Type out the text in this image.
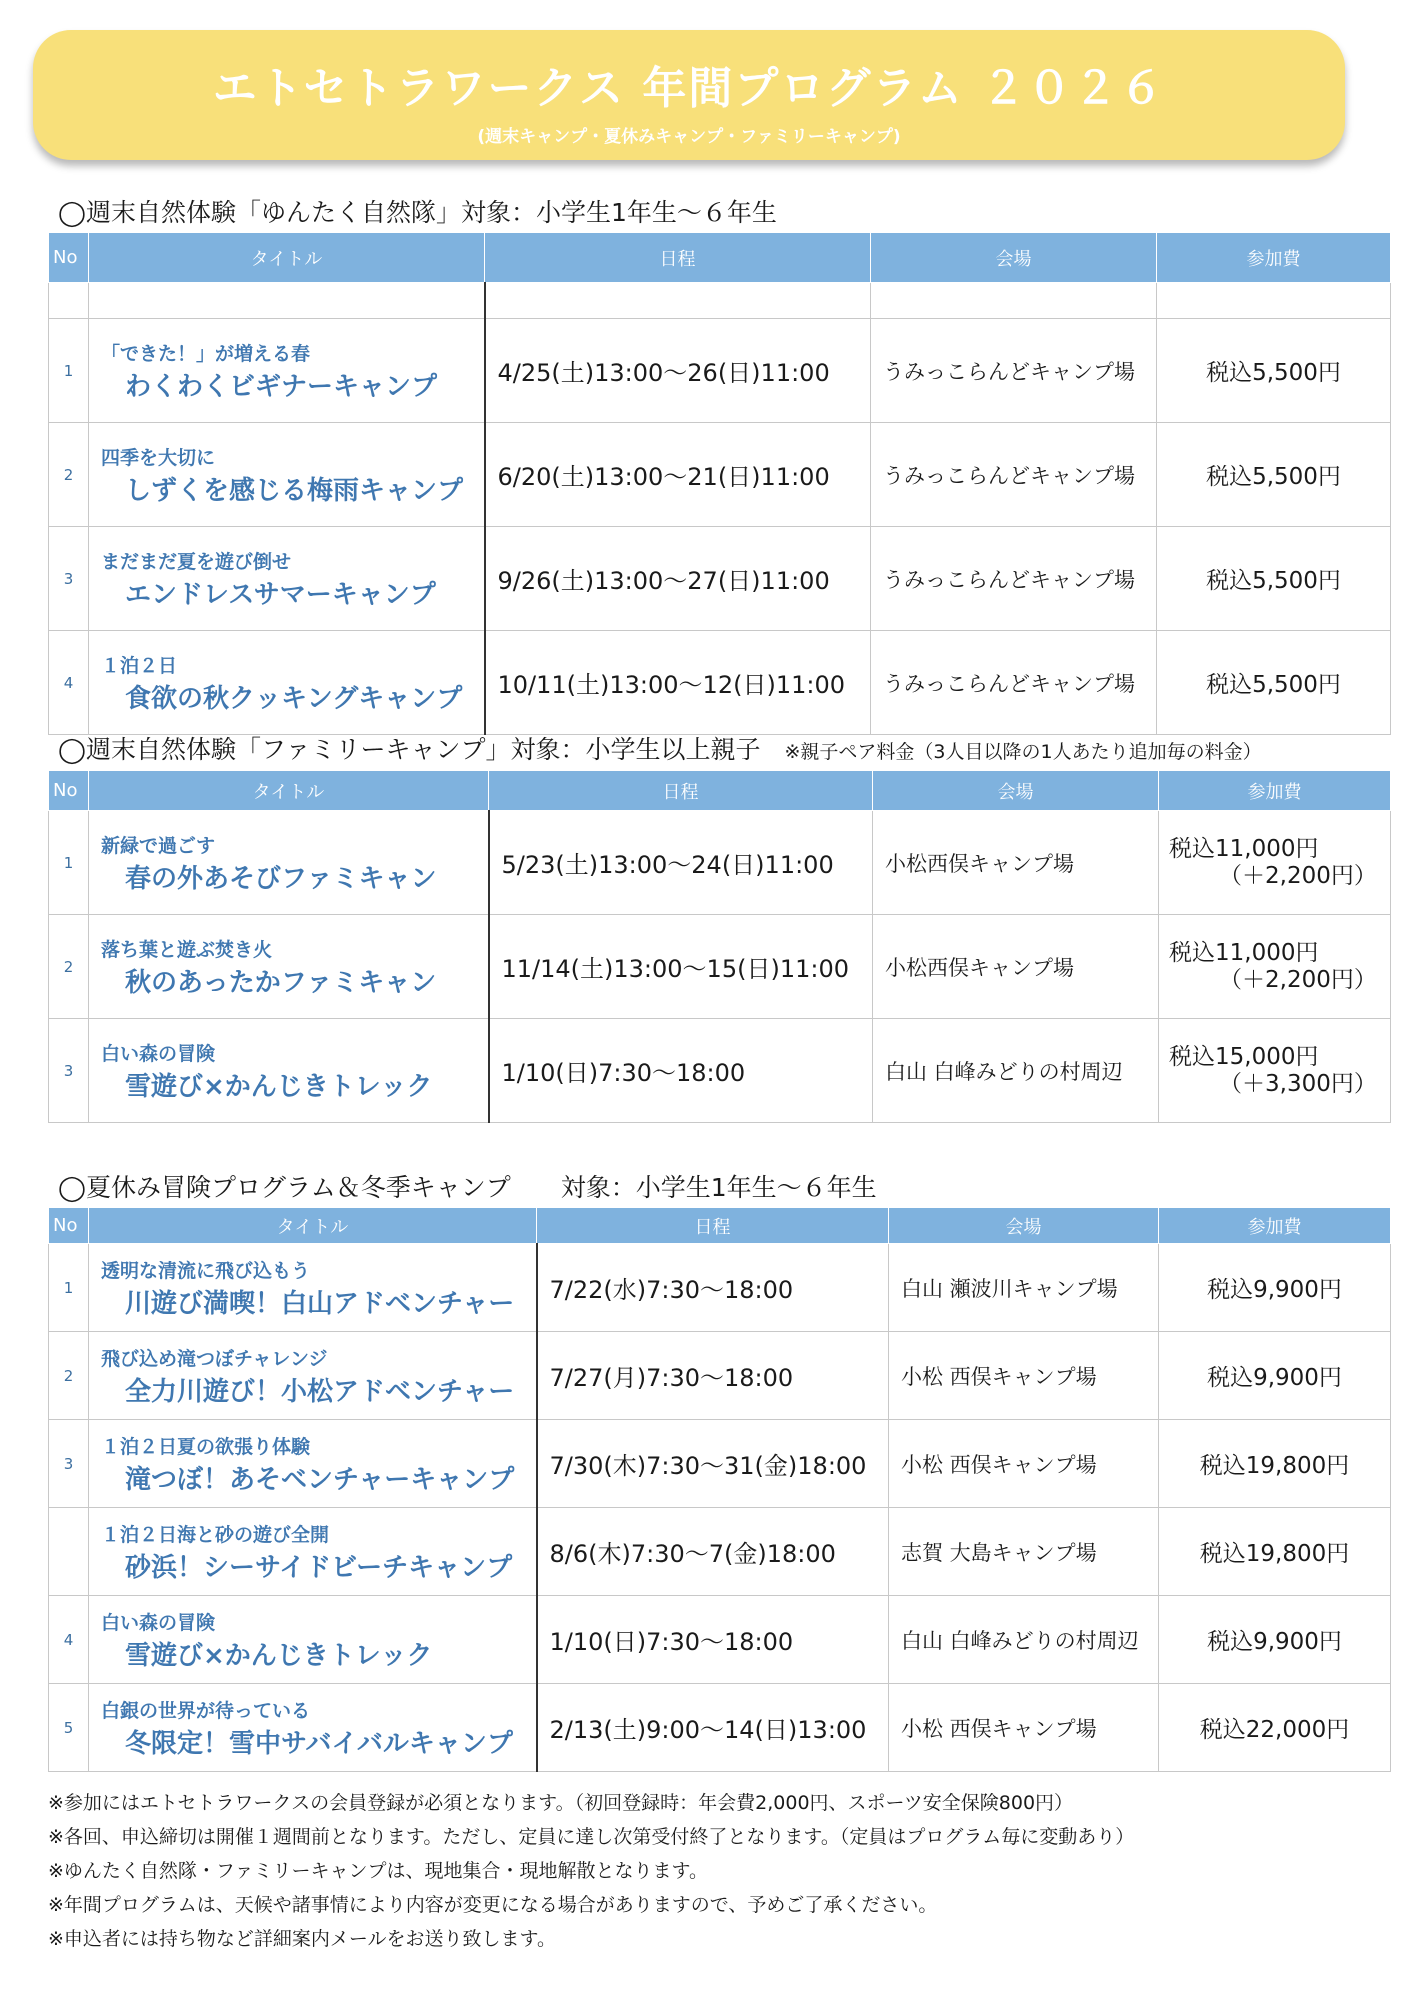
エトセトラワークス 年間プログラム ２０２６
(週末キャンプ・夏休みキャンプ・ファミリーキャンプ)
◯週末自然体験「ゆんたく自然隊」対象：小学生1年生〜６年生
No	タイトル	日程	会場	参加費

1	「できた！」が増える春
わくわくビギナーキャンプ	4/25(土)13:00〜26(日)11:00	うみっこらんどキャンプ場	税込5,500円
2	四季を大切に
しずくを感じる梅雨キャンプ	6/20(土)13:00〜21(日)11:00	うみっこらんどキャンプ場	税込5,500円
3	まだまだ夏を遊び倒せ
エンドレスサマーキャンプ	9/26(土)13:00〜27(日)11:00	うみっこらんどキャンプ場	税込5,500円
4	１泊２日
食欲の秋クッキングキャンプ	10/11(土)13:00〜12(日)11:00	うみっこらんどキャンプ場	税込5,500円
◯週末自然体験「ファミリーキャンプ」対象：小学生以上親子 ※親子ペア料金（3人目以降の1人あたり追加毎の料金）
No	タイトル	日程	会場	参加費
1	新緑で過ごす
春の外あそびファミキャン	5/23(土)13:00〜24(日)11:00	小松西俣キャンプ場	税込11,000円
（＋2,200円）

2	落ち葉と遊ぶ焚き火
秋のあったかファミキャン	11/14(土)13:00〜15(日)11:00	小松西俣キャンプ場	税込11,000円
（＋2,200円）

3	白い森の冒険
雪遊び×かんじきトレック	1/10(日)7:30〜18:00	白山 白峰みどりの村周辺	税込15,000円
（＋3,300円）
◯夏休み冒険プログラム＆冬季キャンプ　　対象：小学生1年生〜６年生
No	タイトル	日程	会場	参加費
1	透明な清流に飛び込もう
川遊び満喫！白山アドベンチャー	7/22(水)7:30〜18:00	白山 瀬波川キャンプ場	税込9,900円
2	飛び込め滝つぼチャレンジ
全力川遊び！小松アドベンチャー	7/27(月)7:30〜18:00	小松 西俣キャンプ場	税込9,900円
3	１泊２日夏の欲張り体験
滝つぼ！あそベンチャーキャンプ	7/30(木)7:30〜31(金)18:00	小松 西俣キャンプ場	税込19,800円

	１泊２日海と砂の遊び全開
砂浜！シーサイドビーチキャンプ	8/6(木)7:30〜7(金)18:00	志賀 大島キャンプ場	税込19,800円
4	白い森の冒険
雪遊び×かんじきトレック	1/10(日)7:30〜18:00	白山 白峰みどりの村周辺	税込9,900円
5	白銀の世界が待っている
冬限定！雪中サバイバルキャンプ	2/13(土)9:00〜14(日)13:00	小松 西俣キャンプ場	税込22,000円
※参加にはエトセトラワークスの会員登録が必須となります。（初回登録時：年会費2,000円、スポーツ安全保険800円）
※各回、申込締切は開催１週間前となります。ただし、定員に達し次第受付終了となります。（定員はプログラム毎に変動あり）
※ゆんたく自然隊・ファミリーキャンプは、現地集合・現地解散となります。
※年間プログラムは、天候や諸事情により内容が変更になる場合がありますので、予めご了承ください。
※申込者には持ち物など詳細案内メールをお送り致します。
